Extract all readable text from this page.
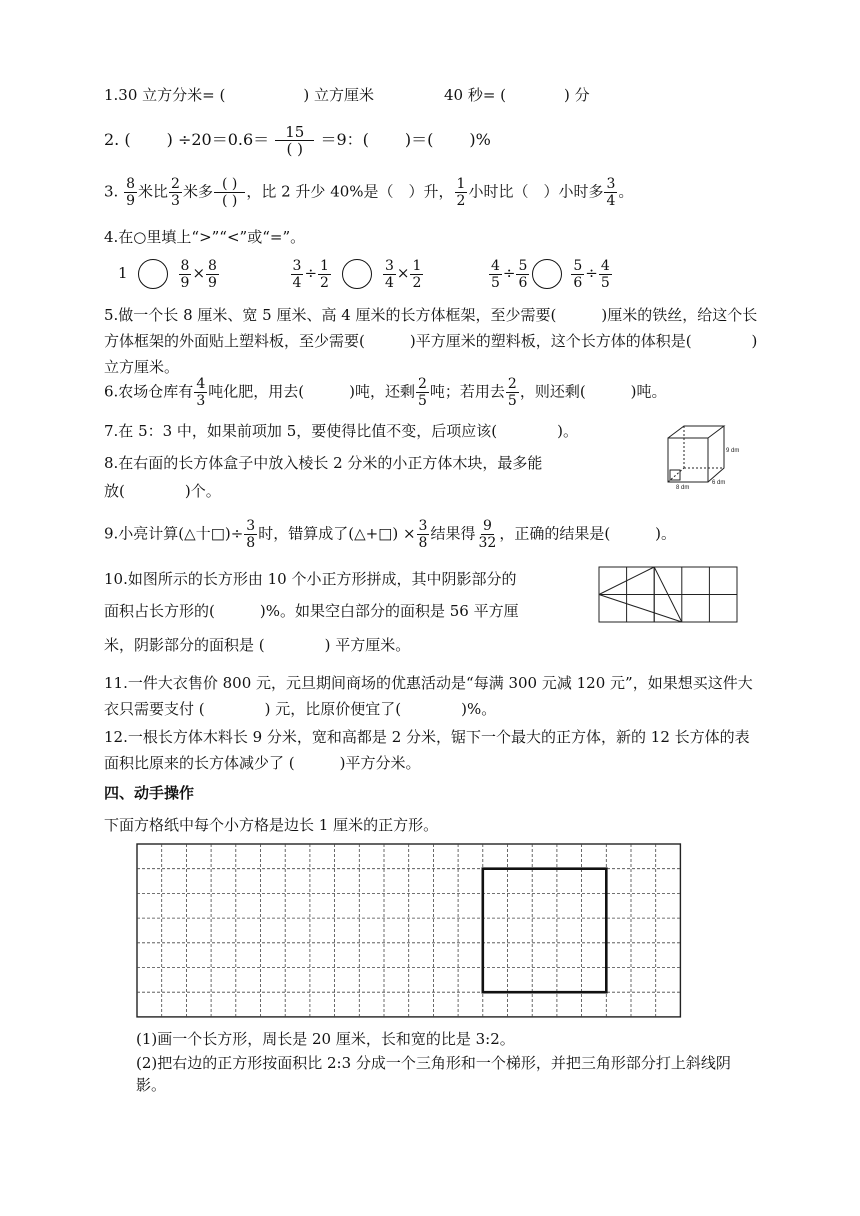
1.30 立方分米= (	) 立方厘米	40 秒= (	) 分
2. ( ) $\div 20=0.6= \frac{15}{( )} =9$：( )＝( )%
3. $\frac{8}{9}$ 米比 $\frac{2}{3}$ 米多 $\frac{( )}{( )}$ ，比 2 升少 40%是（　）升， $\frac{1}{2}$ 小时比（　）小时多 $\frac{3}{4}$ 。
4.在○里填上“>”“<”或“=”。
1	$\frac{8}{9} \times \frac{8}{9}$
	$\frac{3}{4} \div \frac{1}{2}$	$\frac{3}{4} \times \frac{1}{2}$
	$\frac{4}{5} \div \frac{5}{6}$	$\frac{5}{6} \div \frac{4}{5}$
5.做一个长 8 厘米、宽 5 厘米、高 4 厘米的长方体框架，至少需要(　　　)厘米的铁丝，给这个长方体框架的外面贴上塑料板，至少需要(　　　)平方厘米的塑料板，这个长方体的体积是(　　　　)立方厘米。
6.农场仓库有 $\frac{4}{3}$ 吨化肥，用去(　　　)吨，还剩 $\frac{2}{5}$ 吨；若用去 $\frac{2}{5}$ ，则还剩(　　　)吨。
7.在 5：3 中，如果前项加 5，要使得比值不变，后项应该(　　　　)。
8.在右面的长方体盒子中放入棱长 2 分米的小正方体木块，最多能
放(　　　　)个。
9 dm
8 dm
6 dm
9.小亮计算(△十□)÷ $\frac{3}{8}$ 时，错算成了(△+□) × $\frac{3}{8}$ 结果得 $\frac{9}{32}$ ，正确的结果是(　　　)。
10.如图所示的长方形由 10 个小正方形拼成，其中阴影部分的
面积占长方形的(　　　)%。如果空白部分的面积是 56 平方厘
米，阴影部分的面积是 (　　　　) 平方厘米。
11.一件大衣售价 800 元，元旦期间商场的优惠活动是“每满 300 元减 120 元”，如果想买这件大衣只需要支付 (　　　　) 元，比原价便宜了(　　　　)%。
12.一根长方体木料长 9 分米，宽和高都是 2 分米，锯下一个最大的正方体，新的 12 长方体的表面积比原来的长方体减少了 (　　　)平方分米。
四、动手操作
下面方格纸中每个小方格是边长 1 厘米的正方形。
(1)画一个长方形，周长是 20 厘米，长和宽的比是 3:2。
(2)把右边的正方形按面积比 2:3 分成一个三角形和一个梯形，并把三角形部分打上斜线阴影。
